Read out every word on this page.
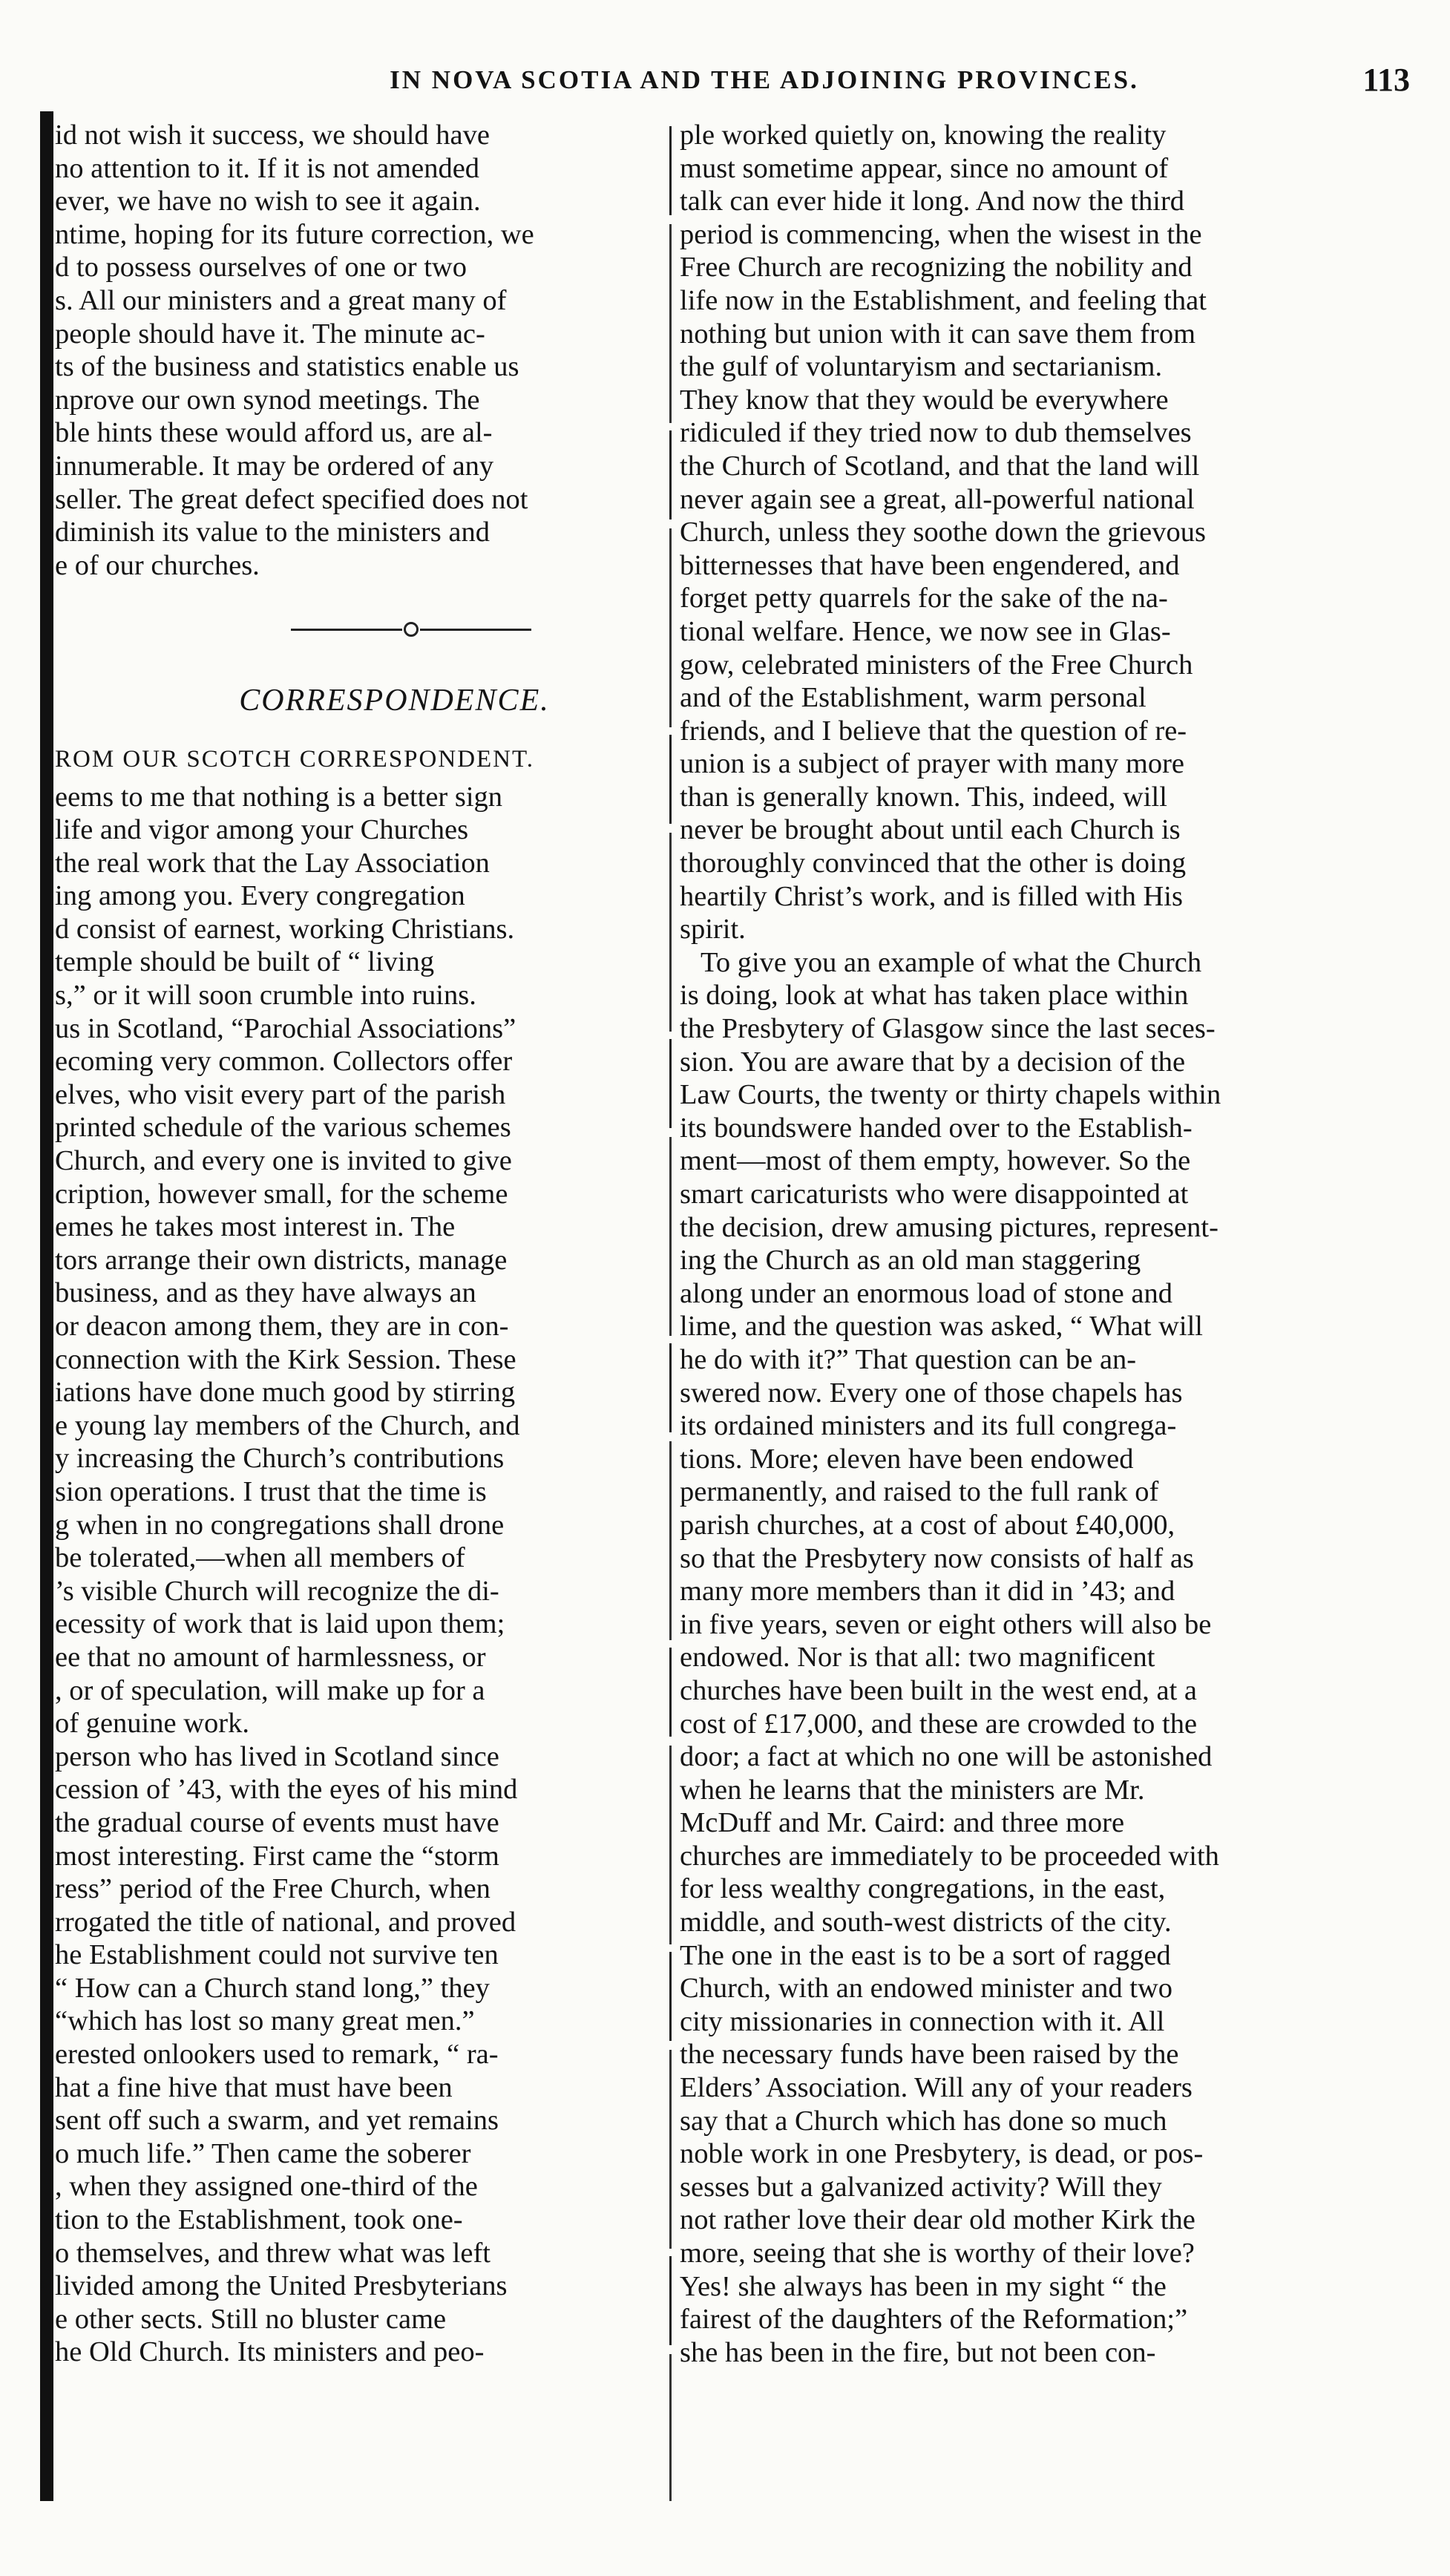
IN NOVA SCOTIA AND THE ADJOINING PROVINCES.	113

id not wish it success, we should have
no attention to it. If it is not amended
ever, we have no wish to see it again.
ntime, hoping for its future correction, we
d to possess ourselves of one or two
s. All our ministers and a great many of
people should have it. The minute ac-
ts of the business and statistics enable us
nprove our own synod meetings. The
ble hints these would afford us, are al-
innumerable. It may be ordered of any
seller. The great defect specified does not
diminish its value to the ministers and
e of our churches.

CORRESPONDENCE.
ROM OUR SCOTCH CORRESPONDENT.

eems to me that nothing is a better sign
life and vigor among your Churches
the real work that the Lay Association
ing among you. Every congregation
d consist of earnest, working Christians.
temple should be built of “ living
s,” or it will soon crumble into ruins.
us in Scotland, “Parochial Associations”
ecoming very common. Collectors offer
elves, who visit every part of the parish
printed schedule of the various schemes
Church, and every one is invited to give
cription, however small, for the scheme
emes he takes most interest in. The
tors arrange their own districts, manage
business, and as they have always an
or deacon among them, they are in con-
connection with the Kirk Session. These
iations have done much good by stirring
e young lay members of the Church, and
y increasing the Church’s contributions
sion operations. I trust that the time is
g when in no congregations shall drone
be tolerated,—when all members of
’s visible Church will recognize the di-
ecessity of work that is laid upon them;
ee that no amount of harmlessness, or
, or of speculation, will make up for a
of genuine work.

person who has lived in Scotland since
cession of ’43, with the eyes of his mind
the gradual course of events must have
most interesting. First came the “storm
ress” period of the Free Church, when
rrogated the title of national, and proved
he Establishment could not survive ten
“ How can a Church stand long,” they
“which has lost so many great men.”
erested onlookers used to remark, “ ra-
hat a fine hive that must have been
sent off such a swarm, and yet remains
o much life.” Then came the soberer
, when they assigned one-third of the
tion to the Establishment, took one-
o themselves, and threw what was left
livided among the United Presbyterians
e other sects. Still no bluster came
he Old Church. Its ministers and peo-

ple worked quietly on, knowing the reality
must sometime appear, since no amount of
talk can ever hide it long. And now the third
period is commencing, when the wisest in the
Free Church are recognizing the nobility and
life now in the Establishment, and feeling that
nothing but union with it can save them from
the gulf of voluntaryism and sectarianism.
They know that they would be everywhere
ridiculed if they tried now to dub themselves
the Church of Scotland, and that the land will
never again see a great, all-powerful national
Church, unless they soothe down the grievous
bitternesses that have been engendered, and
forget petty quarrels for the sake of the na-
tional welfare. Hence, we now see in Glas-
gow, celebrated ministers of the Free Church
and of the Establishment, warm personal
friends, and I believe that the question of re-
union is a subject of prayer with many more
than is generally known. This, indeed, will
never be brought about until each Church is
thoroughly convinced that the other is doing
heartily Christ’s work, and is filled with His
spirit.

To give you an example of what the Church
is doing, look at what has taken place within
the Presbytery of Glasgow since the last seces-
sion. You are aware that by a decision of the
Law Courts, the twenty or thirty chapels within
its boundswere handed over to the Establish-
ment—most of them empty, however. So the
smart caricaturists who were disappointed at
the decision, drew amusing pictures, represent-
ing the Church as an old man staggering
along under an enormous load of stone and
lime, and the question was asked, “ What will
he do with it?” That question can be an-
swered now. Every one of those chapels has
its ordained ministers and its full congrega-
tions. More; eleven have been endowed
permanently, and raised to the full rank of
parish churches, at a cost of about £40,000,
so that the Presbytery now consists of half as
many more members than it did in ’43; and
in five years, seven or eight others will also be
endowed. Nor is that all: two magnificent
churches have been built in the west end, at a
cost of £17,000, and these are crowded to the
door; a fact at which no one will be astonished
when he learns that the ministers are Mr.
McDuff and Mr. Caird: and three more
churches are immediately to be proceeded with
for less wealthy congregations, in the east,
middle, and south-west districts of the city.
The one in the east is to be a sort of ragged
Church, with an endowed minister and two
city missionaries in connection with it. All
the necessary funds have been raised by the
Elders’ Association. Will any of your readers
say that a Church which has done so much
noble work in one Presbytery, is dead, or pos-
sesses but a galvanized activity? Will they
not rather love their dear old mother Kirk the
more, seeing that she is worthy of their love?
Yes! she always has been in my sight “ the
fairest of the daughters of the Reformation;”
she has been in the fire, but not been con-
